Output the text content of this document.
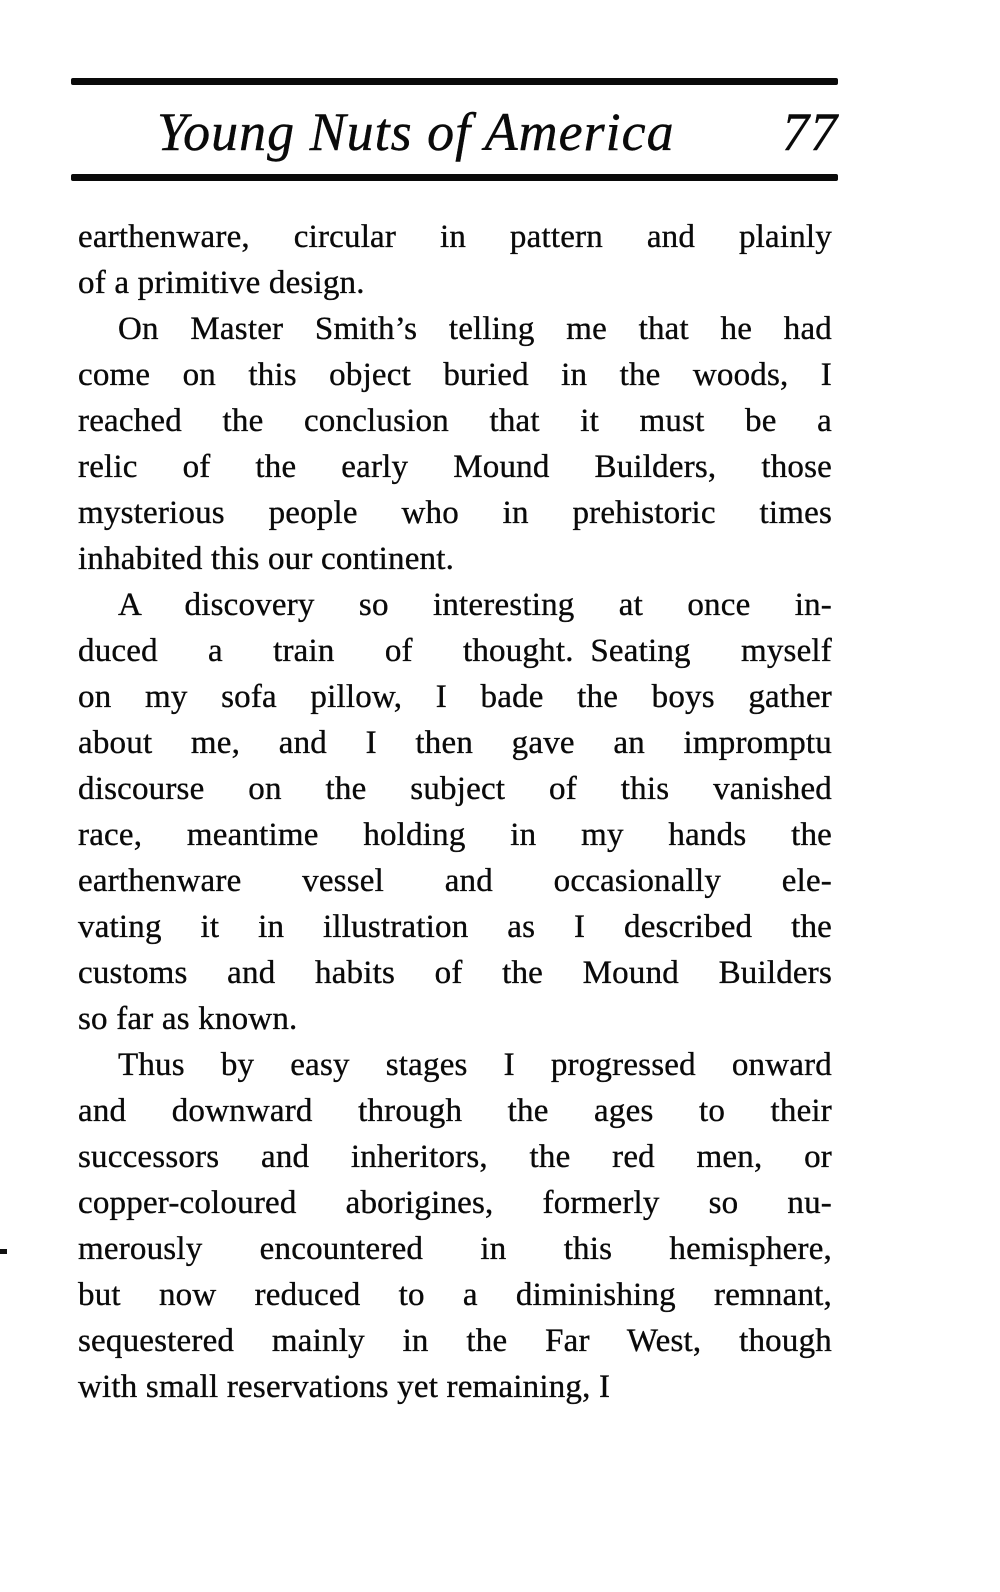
Young Nuts of America 77
earthenware, circular in pattern and plainly
of a primitive design.
On Master Smith’s telling me that he had
come on this object buried in the woods, I
reached the conclusion that it must be a
relic of the early Mound Builders, those
mysterious people who in prehistoric times
inhabited this our continent.
A discovery so interesting at once in-
duced a train of thought. Seating myself
on my sofa pillow, I bade the boys gather
about me, and I then gave an impromptu
discourse on the subject of this vanished
race, meantime holding in my hands the
earthenware vessel and occasionally ele-
vating it in illustration as I described the
customs and habits of the Mound Builders
so far as known.
Thus by easy stages I progressed onward
and downward through the ages to their
successors and inheritors, the red men, or
copper-coloured aborigines, formerly so nu-
merously encountered in this hemisphere,
but now reduced to a diminishing remnant,
sequestered mainly in the Far West, though
with small reservations yet remaining, I
